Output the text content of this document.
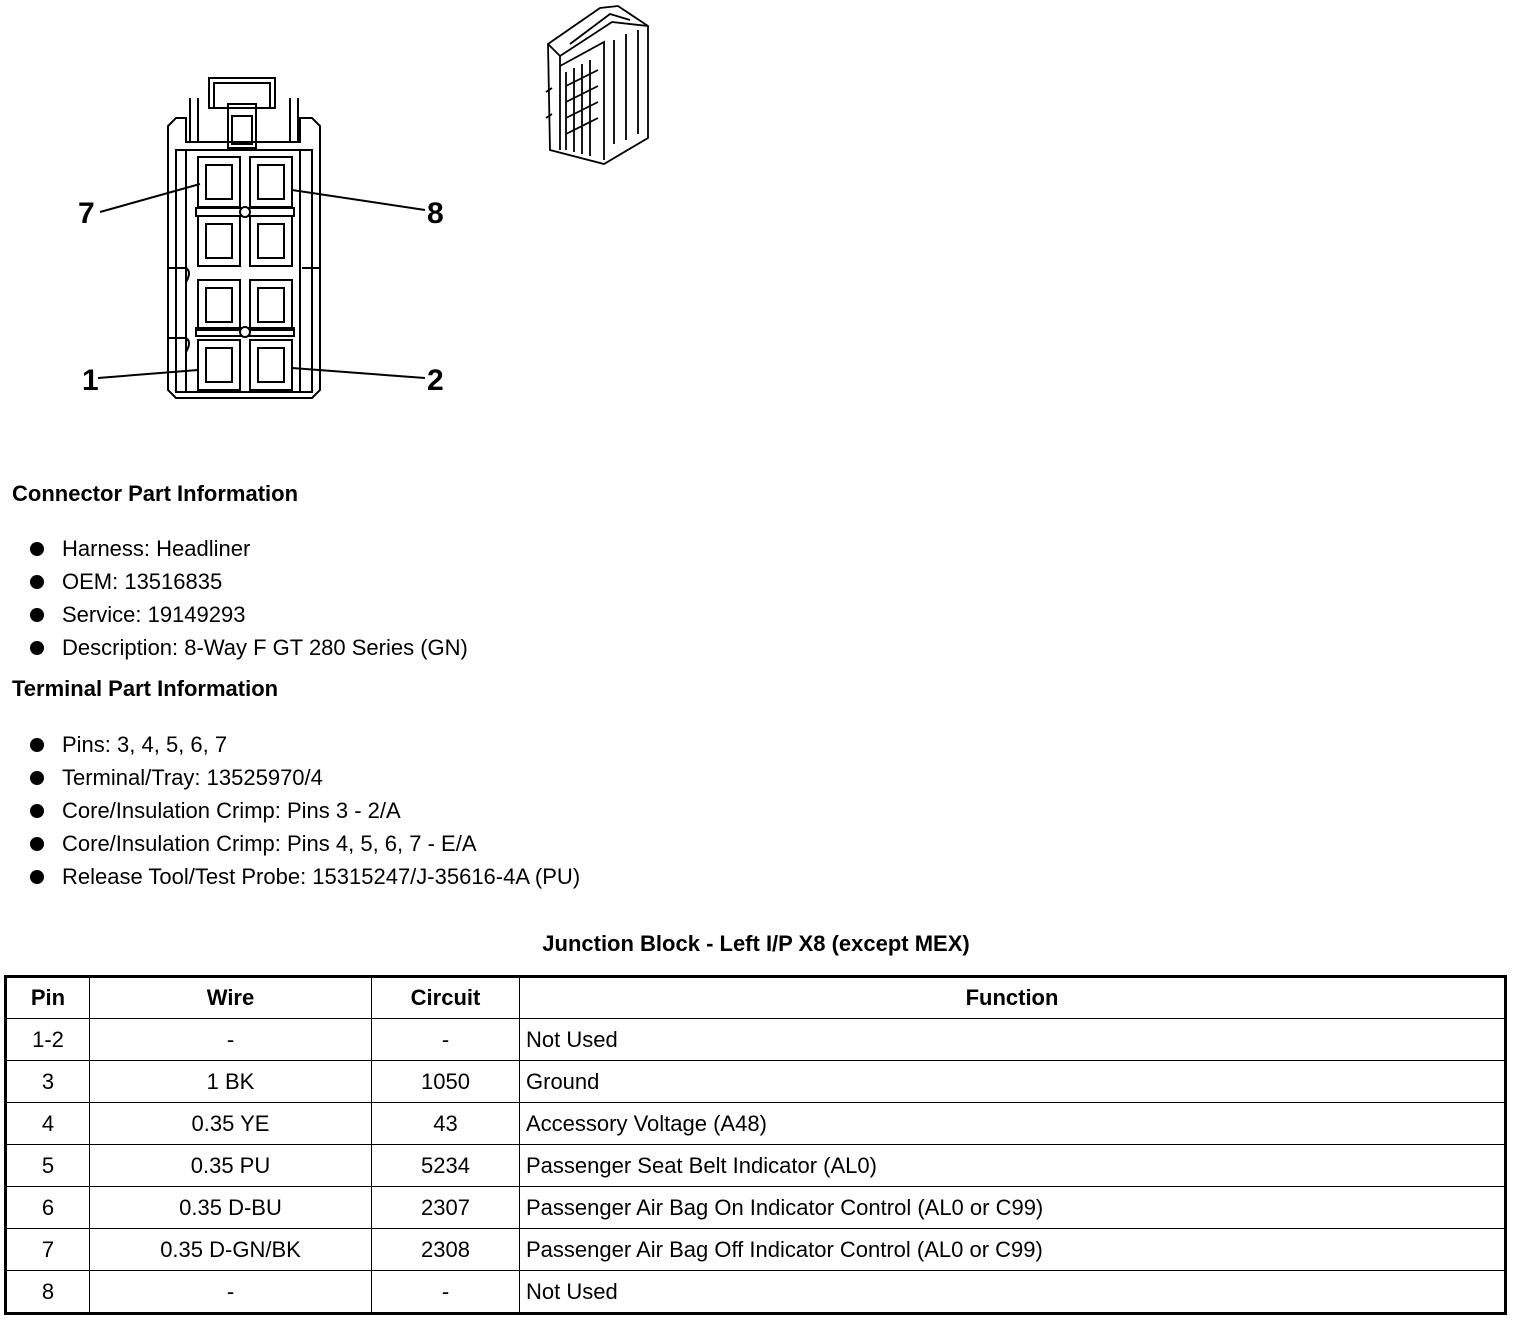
7	8
1	2
Connector Part Information
Harness: Headliner
OEM: 13516835
Service: 19149293
Description: 8-Way F GT 280 Series (GN)
Terminal Part Information
Pins: 3, 4, 5, 6, 7
Terminal/Tray: 13525970/4
Core/Insulation Crimp: Pins 3 - 2/A
Core/Insulation Crimp: Pins 4, 5, 6, 7 - E/A
Release Tool/Test Probe: 15315247/J-35616-4A (PU)
Junction Block - Left I/P X8 (except MEX)
Pin	Wire	Circuit	Function
1-2	-	-	Not Used
3	1 BK	1050	Ground
4	0.35 YE	43	Accessory Voltage (A48)
5	0.35 PU	5234	Passenger Seat Belt Indicator (AL0)
6	0.35 D-BU	2307	Passenger Air Bag On Indicator Control (AL0 or C99)
7	0.35 D-GN/BK	2308	Passenger Air Bag Off Indicator Control (AL0 or C99)
8	-	-	Not Used
